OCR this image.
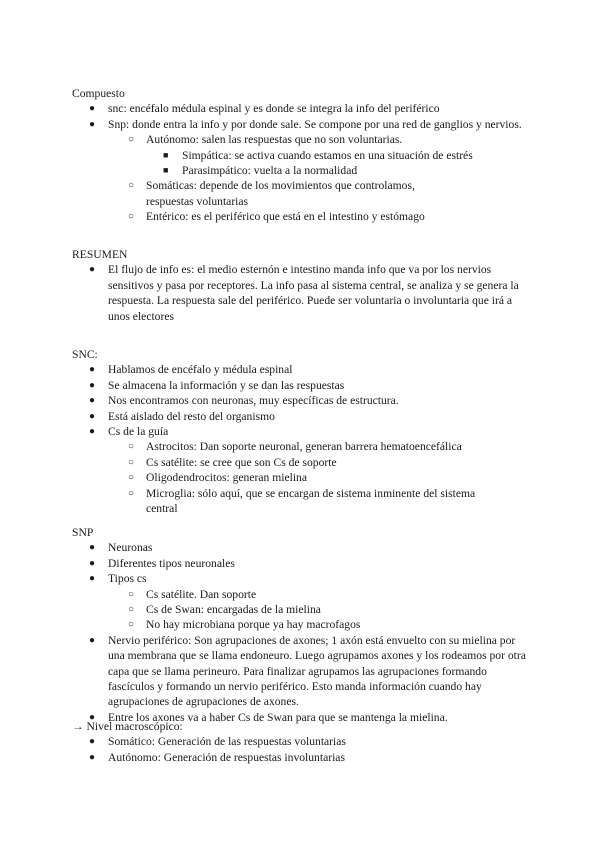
Compuesto

● snc: encéfalo médula espinal y es donde se integra la info del periférico
● Snp: donde entra la info y por donde sale. Se compone por una red de ganglios y nervios.
○ Autónomo: salen las respuestas que no son voluntarias.
■ Simpática: se activa cuando estamos en una situación de estrés
■ Parasimpático: vuelta a la normalidad
○ Somáticas: depende de los movimientos que controlamos, respuestas voluntarias
○ Entérico: es el periférico que está en el intestino y estómago

RESUMEN

● El flujo de info es: el medio esternón e intestino manda info que va por los nervios sensitivos y pasa por receptores. La info pasa al sistema central, se analiza y se genera la respuesta. La respuesta sale del periférico. Puede ser voluntaria o involuntaria que irá a unos electores

SNC:

● Hablamos de encéfalo y médula espinal
● Se almacena la información y se dan las respuestas
● Nos encontramos con neuronas, muy específicas de estructura.
● Está aislado del resto del organismo
● Cs de la guía
○ Astrocitos: Dan soporte neuronal, generan barrera hematoencefálica
○ Cs satélite: se cree que son Cs de soporte
○ Oligodendrocitos: generan mielina
○ Microglia: sólo aquí, que se encargan de sistema inminente del sistema central

SNP

● Neuronas
● Diferentes tipos neuronales
● Tipos cs
○ Cs satélite. Dan soporte
○ Cs de Swan: encargadas de la mielina
○ No hay microbiana porque ya hay macrofagos
● Nervio periférico: Son agrupaciones de axones; 1 axón está envuelto con su mielina por una membrana que se llama endoneuro. Luego agrupamos axones y los rodeamos por otra capa que se llama perineuro. Para finalizar agrupamos las agrupaciones formando fascículos y formando un nervio periférico. Esto manda información cuando hay agrupaciones de agrupaciones de axones.
● Entre los axones va a haber Cs de Swan para que se mantenga la mielina.

→ Nivel macroscópico:

● Somático: Generación de las respuestas voluntarias
● Autónomo: Generación de respuestas involuntarias
